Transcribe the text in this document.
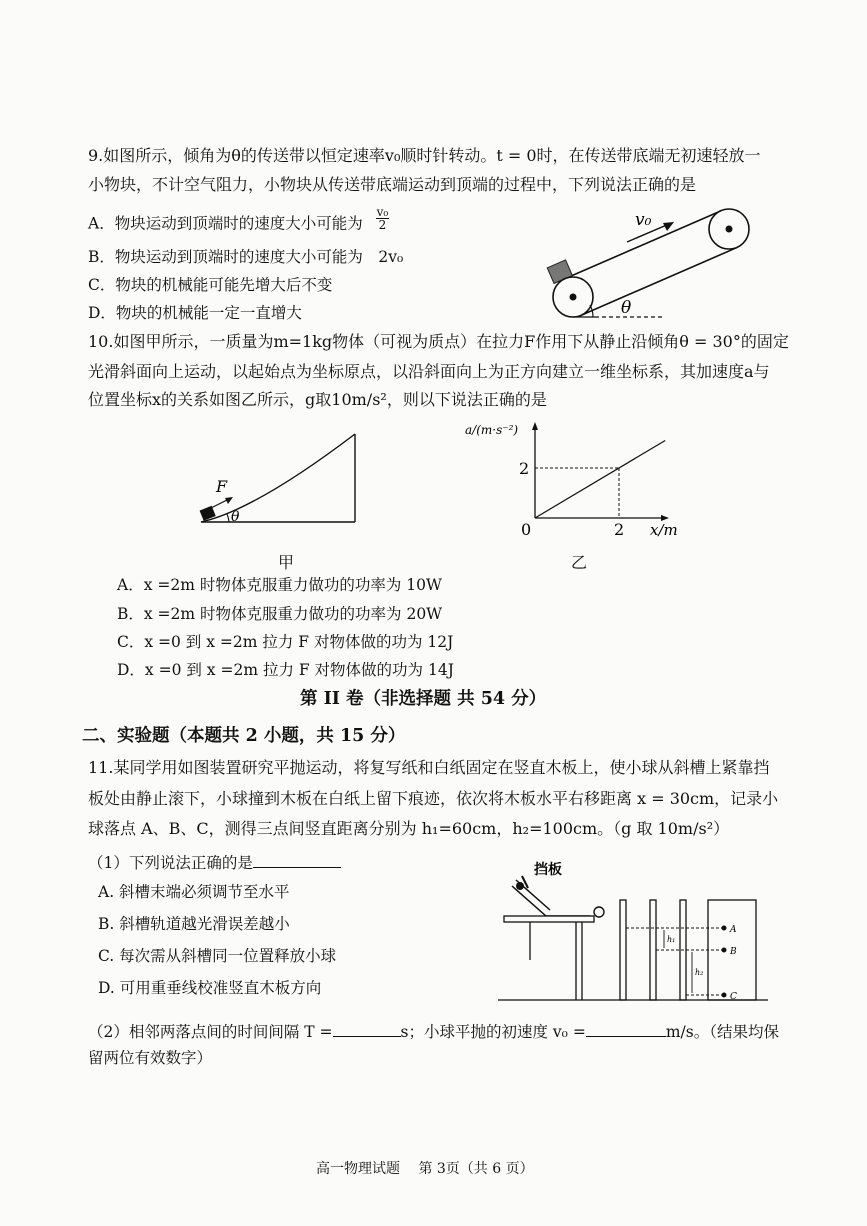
9.如图所示，倾角为θ的传送带以恒定速率v₀顺时针转动。t = 0时，在传送带底端无初速轻放一
小物块，不计空气阻力，小物块从传送带底端运动到顶端的过程中，下列说法正确的是
A．物块运动到顶端时的速度大小可能为 $\frac{\text{v₀}}{2}$
B．物块运动到顶端时的速度大小可能为　2v₀
C．物块的机械能可能先增大后不变
D．物块的机械能一定一直增大	θ
v₀
10.如图甲所示，一质量为m=1kg物体（可视为质点）在拉力F作用下从静止沿倾角θ = 30°的固定
光滑斜面向上运动，以起始点为坐标原点，以沿斜面向上为正方向建立一维坐标系，其加速度a与
位置坐标x的关系如图乙所示，g取10m/s²，则以下说法正确的是
θ
F
甲
a/(m·s⁻²)
x/m
0
2
2
乙
A．x =2m 时物体克服重力做功的功率为 10W
B．x =2m 时物体克服重力做功的功率为 20W
C．x =0 到 x =2m 拉力 F 对物体做的功为 12J
D．x =0 到 x =2m 拉力 F 对物体做的功为 14J
第 II 卷（非选择题 共 54 分）
二、实验题（本题共 2 小题，共 15 分）
11.某同学用如图装置研究平抛运动，将复写纸和白纸固定在竖直木板上，使小球从斜槽上紧靠挡
板处由静止滚下，小球撞到木板在白纸上留下痕迹，依次将木板水平右移距离 x = 30cm，记录小
球落点 A、B、C，测得三点间竖直距离分别为 h₁=60cm，h₂=100cm。（g 取 10m/s²）
（1）下列说法正确的是
A. 斜槽末端必须调节至水平
B. 斜槽轨道越光滑误差越小
C. 每次需从斜槽同一位置释放小球
D. 可用重垂线校准竖直木板方向
挡板
A
B
C
h₁
h₂
（2）相邻两落点间的时间间隔 T =	s；小球平抛的初速度 v₀ =	m/s。（结果均保
留两位有效数字）
高一物理试题　 第 3页（共 6 页）
